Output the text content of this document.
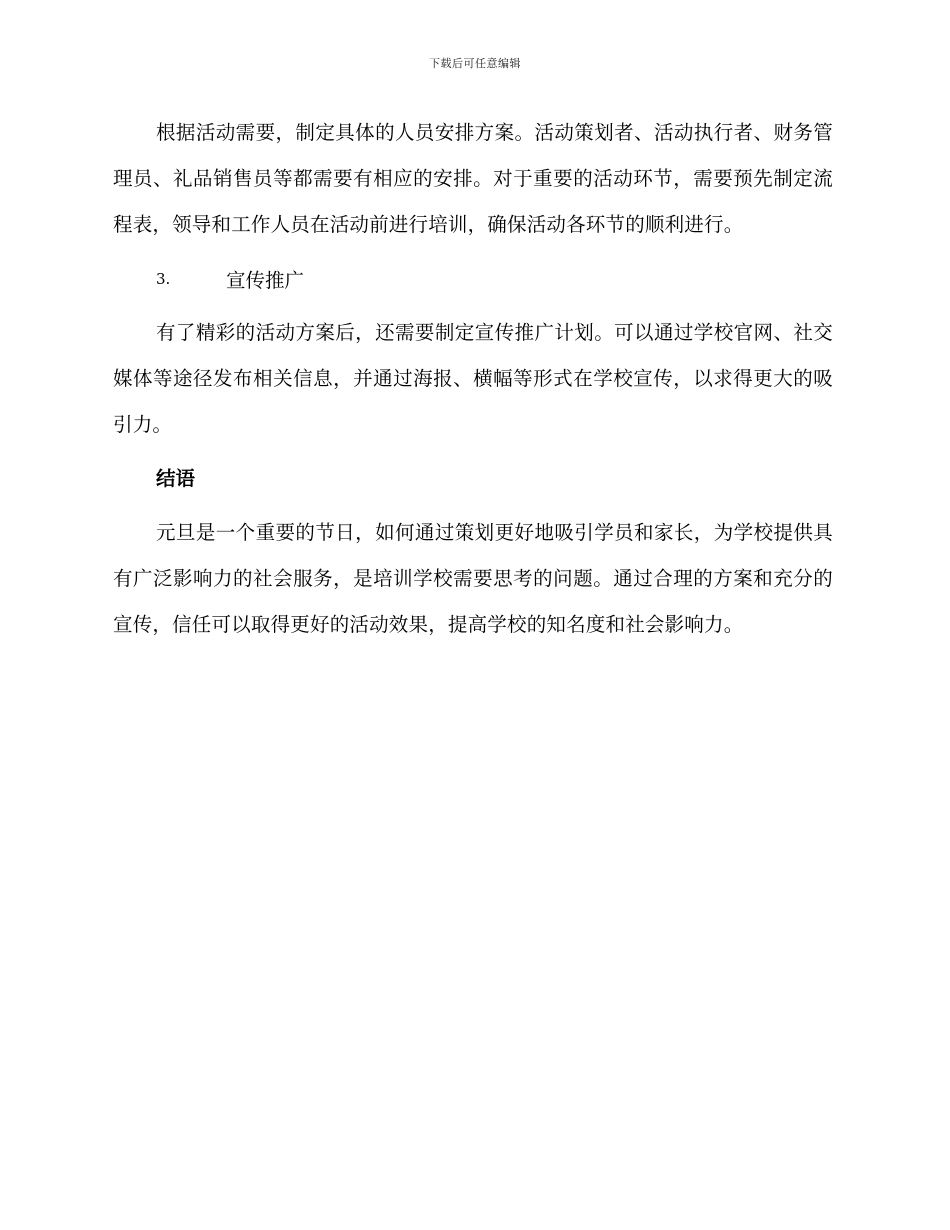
下载后可任意编辑

根据活动需要，制定具体的人员安排方案。活动策划者、活动执行者、财务管理员、礼品销售员等都需要有相应的安排。对于重要的活动环节，需要预先制定流程表，领导和工作人员在活动前进行培训，确保活动各环节的顺利进行。

3.	宣传推广

有了精彩的活动方案后，还需要制定宣传推广计划。可以通过学校官网、社交媒体等途径发布相关信息，并通过海报、横幅等形式在学校宣传，以求得更大的吸引力。

结语

元旦是一个重要的节日，如何通过策划更好地吸引学员和家长，为学校提供具有广泛影响力的社会服务，是培训学校需要思考的问题。通过合理的方案和充分的宣传，信任可以取得更好的活动效果，提高学校的知名度和社会影响力。
